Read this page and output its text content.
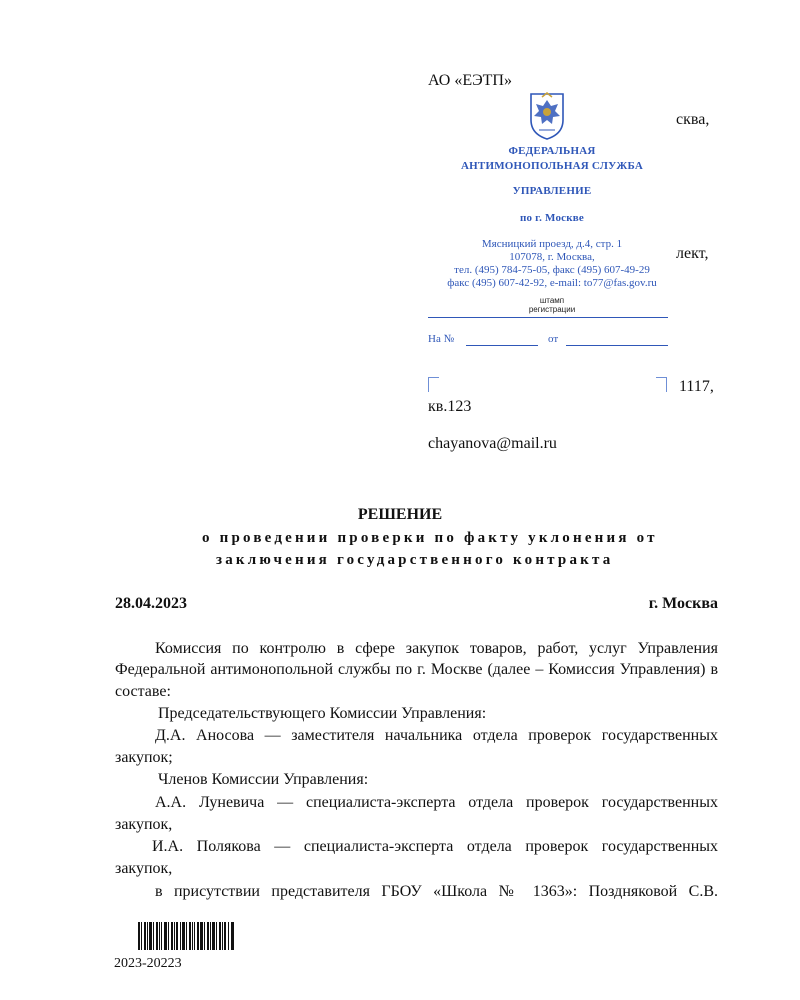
АО «ЕЭТП»
сква,
лект,
1117,
кв.123
chayanova@mail.ru
ФЕДЕРАЛЬНАЯ
АНТИМОНОПОЛЬНАЯ СЛУЖБА
УПРАВЛЕНИЕ
по г. Москве
Мясницкий проезд, д.4, стр. 1
107078, г. Москва,
тел. (495) 784-75-05, факс (495) 607-49-29
факс (495) 607-42-92, e-mail: to77@fas.gov.ru
штамп
регистрации
На №	от
РЕШЕНИЕ
о проведении проверки по факту уклонения от
заключения государственного контракта
28.04.2023	г. Москва
Комиссия по контролю в сфере закупок товаров, работ, услуг Управления
Федеральной антимонопольной службы по г. Москве (далее – Комиссия Управления) в
составе:
Председательствующего Комиссии Управления:
Д.А. Аносова — заместителя начальника отдела проверок государственных
закупок;
Членов Комиссии Управления:
А.А. Луневича — специалиста-эксперта отдела проверок государственных
закупок,
И.А. Полякова — специалиста-эксперта отдела проверок государственных
закупок,
в присутствии представителя ГБОУ «Школа № 1363»: Поздняковой С.В.
2023-20223
